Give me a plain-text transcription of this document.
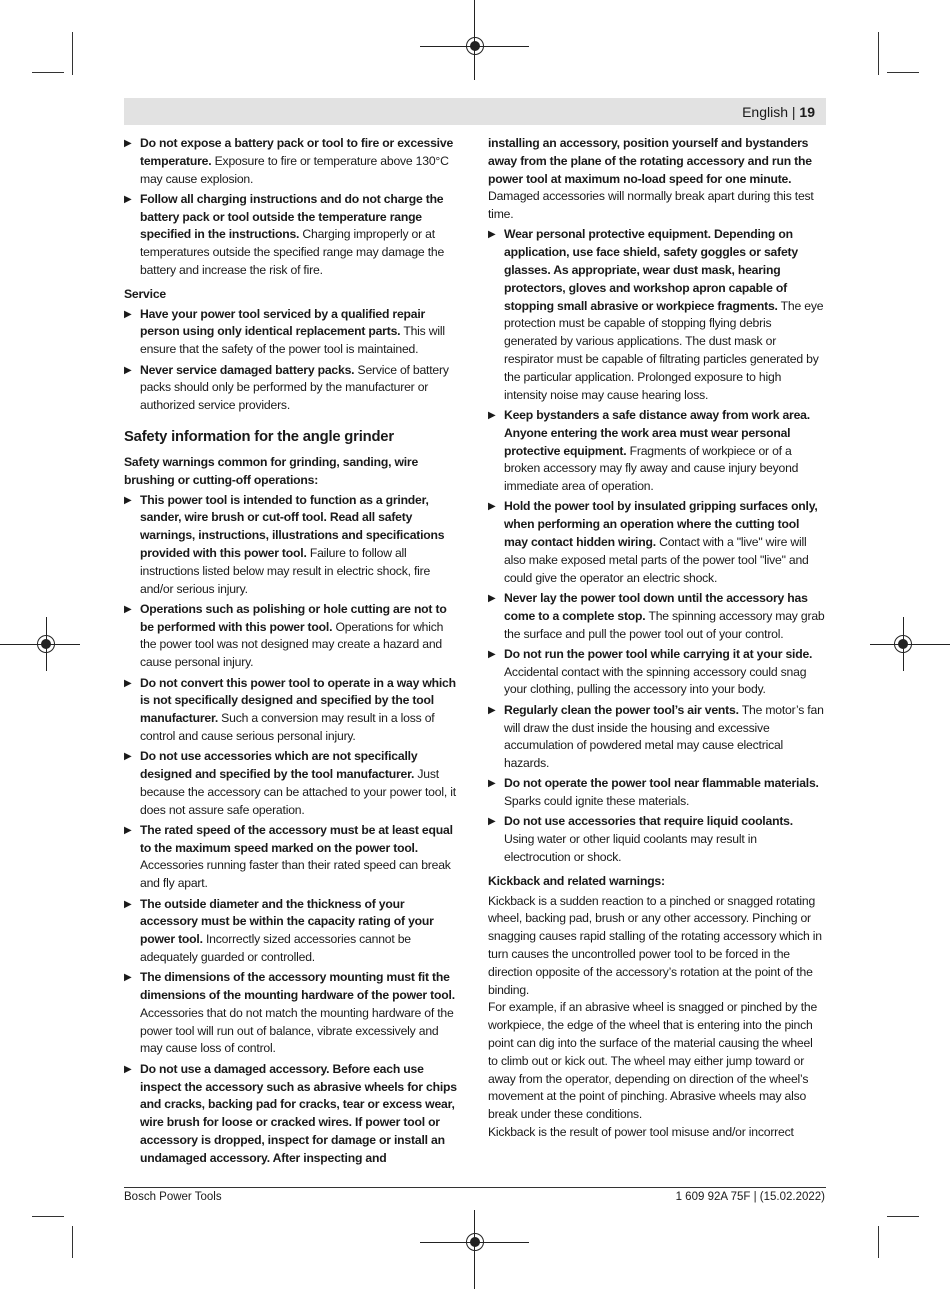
English | 19
▶ Do not expose a battery pack or tool to fire or excessive temperature. Exposure to fire or temperature above 130°C may cause explosion.
▶ Follow all charging instructions and do not charge the battery pack or tool outside the temperature range specified in the instructions. Charging improperly or at temperatures outside the specified range may damage the battery and increase the risk of fire.
Service
▶ Have your power tool serviced by a qualified repair person using only identical replacement parts. This will ensure that the safety of the power tool is maintained.
▶ Never service damaged battery packs. Service of battery packs should only be performed by the manufacturer or authorized service providers.
Safety information for the angle grinder
Safety warnings common for grinding, sanding, wire brushing or cutting-off operations:
▶ This power tool is intended to function as a grinder, sander, wire brush or cut-off tool. Read all safety warnings, instructions, illustrations and specifications provided with this power tool. Failure to follow all instructions listed below may result in electric shock, fire and/or serious injury.
▶ Operations such as polishing or hole cutting are not to be performed with this power tool. Operations for which the power tool was not designed may create a hazard and cause personal injury.
▶ Do not convert this power tool to operate in a way which is not specifically designed and specified by the tool manufacturer. Such a conversion may result in a loss of control and cause serious personal injury.
▶ Do not use accessories which are not specifically designed and specified by the tool manufacturer. Just because the accessory can be attached to your power tool, it does not assure safe operation.
▶ The rated speed of the accessory must be at least equal to the maximum speed marked on the power tool. Accessories running faster than their rated speed can break and fly apart.
▶ The outside diameter and the thickness of your accessory must be within the capacity rating of your power tool. Incorrectly sized accessories cannot be adequately guarded or controlled.
▶ The dimensions of the accessory mounting must fit the dimensions of the mounting hardware of the power tool. Accessories that do not match the mounting hardware of the power tool will run out of balance, vibrate excessively and may cause loss of control.
▶ Do not use a damaged accessory. Before each use inspect the accessory such as abrasive wheels for chips and cracks, backing pad for cracks, tear or excess wear, wire brush for loose or cracked wires. If power tool or accessory is dropped, inspect for damage or install an undamaged accessory. After inspecting and
installing an accessory, position yourself and bystanders away from the plane of the rotating accessory and run the power tool at maximum no-load speed for one minute. Damaged accessories will normally break apart during this test time.
▶ Wear personal protective equipment. Depending on application, use face shield, safety goggles or safety glasses. As appropriate, wear dust mask, hearing protectors, gloves and workshop apron capable of stopping small abrasive or workpiece fragments. The eye protection must be capable of stopping flying debris generated by various applications. The dust mask or respirator must be capable of filtrating particles generated by the particular application. Prolonged exposure to high intensity noise may cause hearing loss.
▶ Keep bystanders a safe distance away from work area. Anyone entering the work area must wear personal protective equipment. Fragments of workpiece or of a broken accessory may fly away and cause injury beyond immediate area of operation.
▶ Hold the power tool by insulated gripping surfaces only, when performing an operation where the cutting tool may contact hidden wiring. Contact with a "live" wire will also make exposed metal parts of the power tool "live" and could give the operator an electric shock.
▶ Never lay the power tool down until the accessory has come to a complete stop. The spinning accessory may grab the surface and pull the power tool out of your control.
▶ Do not run the power tool while carrying it at your side. Accidental contact with the spinning accessory could snag your clothing, pulling the accessory into your body.
▶ Regularly clean the power tool’s air vents. The motor’s fan will draw the dust inside the housing and excessive accumulation of powdered metal may cause electrical hazards.
▶ Do not operate the power tool near flammable materials. Sparks could ignite these materials.
▶ Do not use accessories that require liquid coolants. Using water or other liquid coolants may result in electrocution or shock.
Kickback and related warnings:
Kickback is a sudden reaction to a pinched or snagged rotating wheel, backing pad, brush or any other accessory. Pinching or snagging causes rapid stalling of the rotating accessory which in turn causes the uncontrolled power tool to be forced in the direction opposite of the accessory’s rotation at the point of the binding.
For example, if an abrasive wheel is snagged or pinched by the workpiece, the edge of the wheel that is entering into the pinch point can dig into the surface of the material causing the wheel to climb out or kick out. The wheel may either jump toward or away from the operator, depending on direction of the wheel’s movement at the point of pinching. Abrasive wheels may also break under these conditions.
Kickback is the result of power tool misuse and/or incorrect
Bosch Power Tools	1 609 92A 75F | (15.02.2022)
